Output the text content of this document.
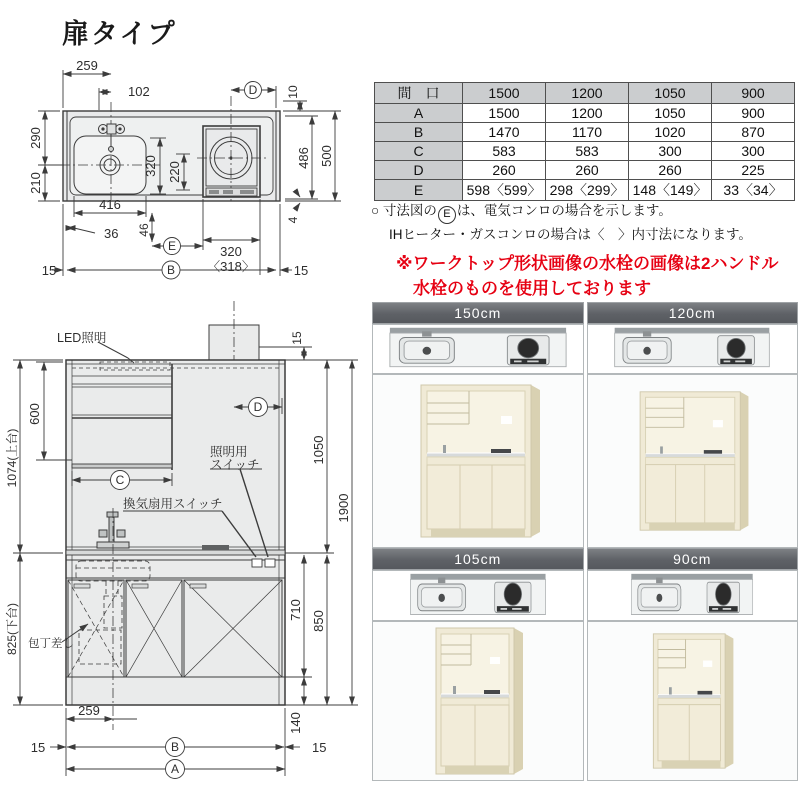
扉タイプ
259
102	D 10
290
210
320 220
486 500
4
416
36 46
E	320
〈318〉
15	B	15
間　口	1500	1200	1050	900
A	1500	1200	1050	900
B	1470	1170	1020	870
C	583	583	300	300
D	260	260	260	225
E	598〈599〉	298〈299〉	148〈149〉	33〈34〉
○ 寸法図の E は、電気コンロの場合を示します。
IHヒーター・ガスコンロの場合は〈　〉内寸法になります。
※ワークトップ形状画像の水栓の画像は2ハンドル
水栓のものを使用しております
LED照明
600
1074(上台)
825(下台)
C
D
照明用
スイッチ
換気扇用スイッチ
包丁差し
15
1050
1900
710
850
140
259
15	15
B
A
150cm	120cm
105cm	90cm
